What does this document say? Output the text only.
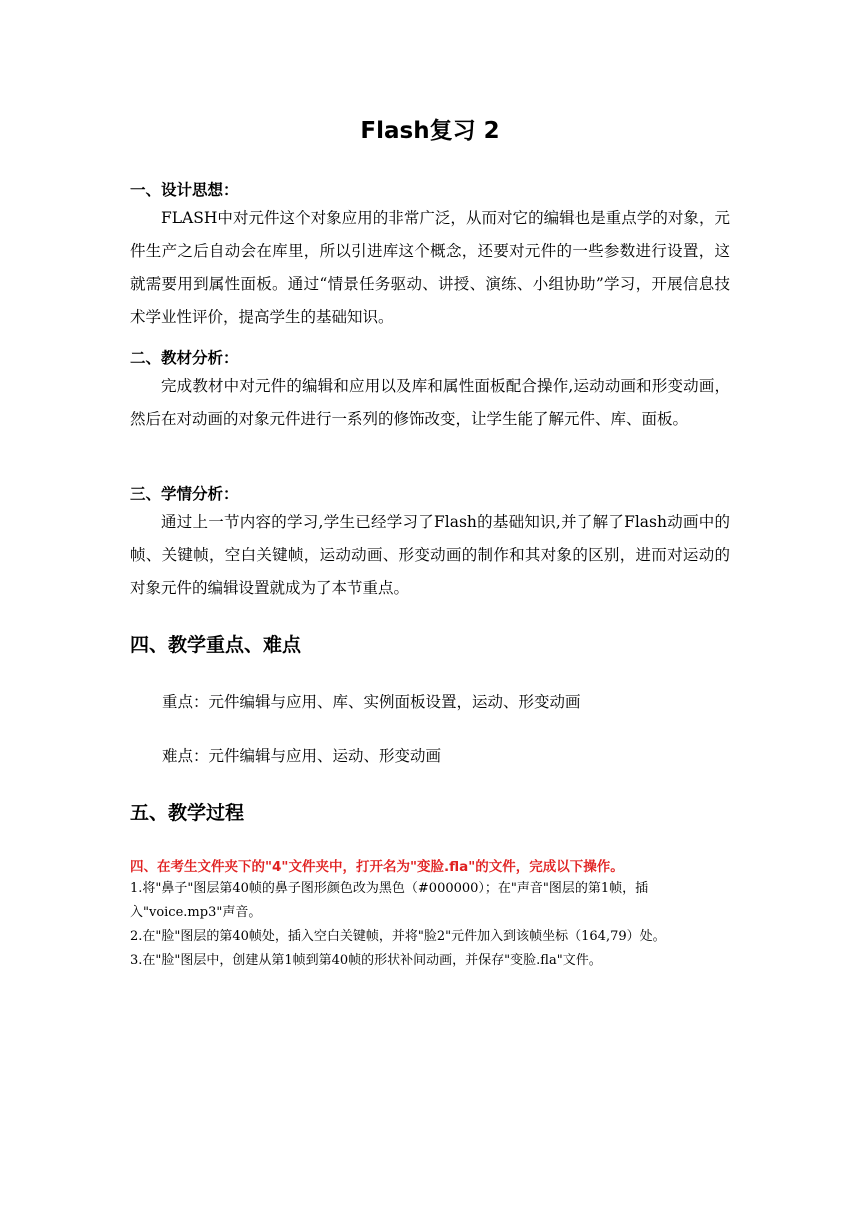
Flash复习 2
一、设计思想：

FLASH中对元件这个对象应用的非常广泛，从而对它的编辑也是重点学的对象，元件生产之后自动会在库里，所以引进库这个概念，还要对元件的一些参数进行设置，这就需要用到属性面板。通过“情景任务驱动、讲授、演练、小组协助”学习，开展信息技术学业性评价，提高学生的基础知识。

二、教材分析：

完成教材中对元件的编辑和应用以及库和属性面板配合操作,运动动画和形变动画，然后在对动画的对象元件进行一系列的修饰改变，让学生能了解元件、库、面板。

三、学情分析：

通过上一节内容的学习,学生已经学习了Flash的基础知识,并了解了Flash动画中的帧、关键帧，空白关键帧，运动动画、形变动画的制作和其对象的区别，进而对运动的对象元件的编辑设置就成为了本节重点。

四、教学重点、难点
重点：元件编辑与应用、库、实例面板设置，运动、形变动画
难点：元件编辑与应用、运动、形变动画
五、教学过程
四、在考生文件夹下的"4"文件夹中，打开名为"变脸.fla"的文件，完成以下操作。

1.将"鼻子"图层第40帧的鼻子图形颜色改为黑色（#000000）；在"声音"图层的第1帧，插入"voice.mp3"声音。

2.在"脸"图层的第40帧处，插入空白关键帧，并将"脸2"元件加入到该帧坐标（164,79）处。

3.在"脸"图层中，创建从第1帧到第40帧的形状补间动画，并保存"变脸.fla"文件。
